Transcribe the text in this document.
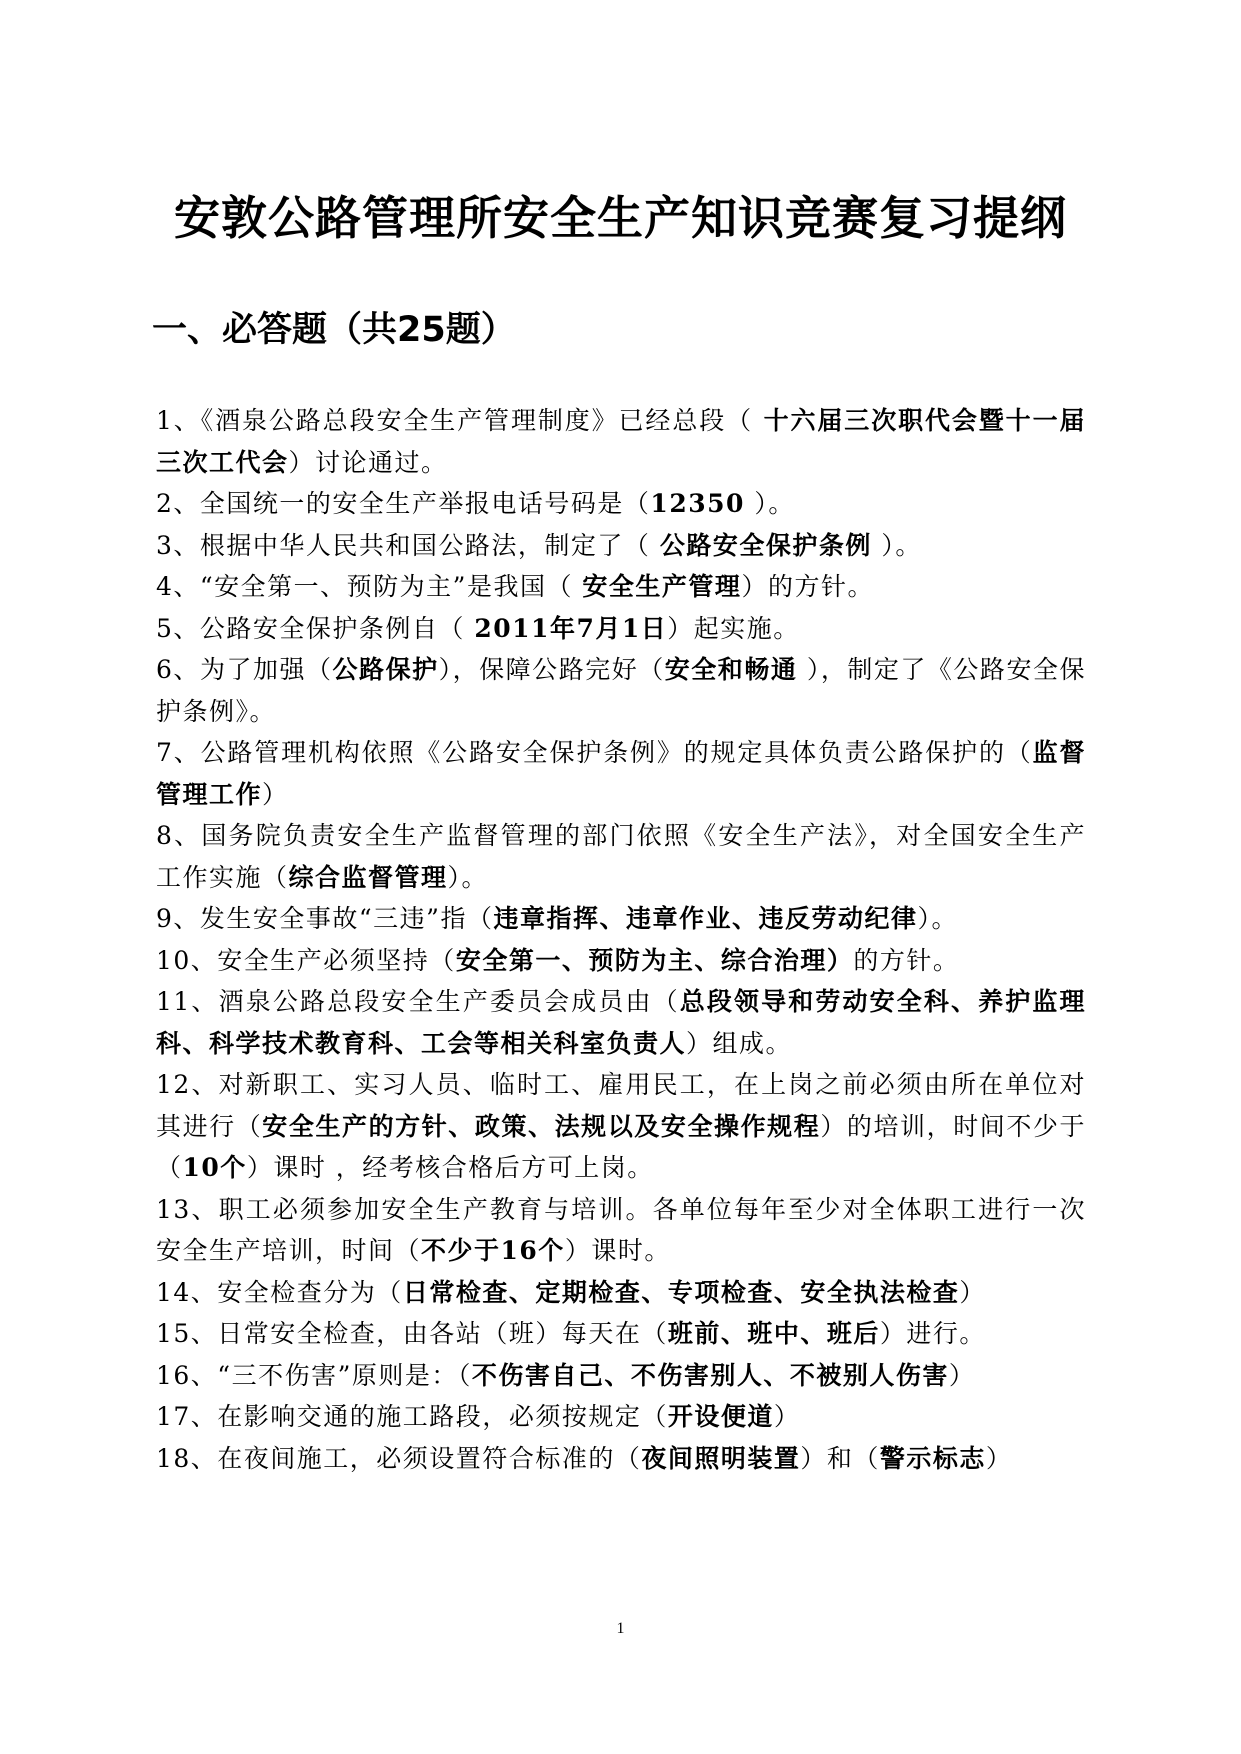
安敦公路管理所安全生产知识竞赛复习提纲
一、必答题（共25题）

1、《酒泉公路总段安全生产管理制度》已经总段（ 十六届三次职代会暨十一届三次工代会）讨论通过。

2、全国统一的安全生产举报电话号码是（12350 ）。

3、根据中华人民共和国公路法，制定了（ 公路安全保护条例 ）。

4、“安全第一、预防为主”是我国（ 安全生产管理）的方针。

5、公路安全保护条例自（ 2011年7月1日）起实施。

6、为了加强（公路保护），保障公路完好（安全和畅通 ），制定了《公路安全保护条例》。

7、公路管理机构依照《公路安全保护条例》的规定具体负责公路保护的（监督管理工作）

8、国务院负责安全生产监督管理的部门依照《安全生产法》，对全国安全生产工作实施（综合监督管理）。

9、发生安全事故“三违”指（违章指挥、违章作业、违反劳动纪律）。

10、安全生产必须坚持（安全第一、预防为主、综合治理）的方针。

11、酒泉公路总段安全生产委员会成员由（总段领导和劳动安全科、养护监理科、科学技术教育科、工会等相关科室负责人）组成。

12、对新职工、实习人员、临时工、雇用民工，在上岗之前必须由所在单位对其进行（安全生产的方针、政策、法规以及安全操作规程）的培训，时间不少于（10个）课时 ，经考核合格后方可上岗。

13、职工必须参加安全生产教育与培训。各单位每年至少对全体职工进行一次安全生产培训，时间（不少于16个）课时。

14、安全检查分为（日常检查、定期检查、专项检查、安全执法检查）

15、日常安全检查，由各站（班）每天在（班前、班中、班后）进行。

16、“三不伤害”原则是：（不伤害自己、不伤害别人、不被别人伤害）

17、在影响交通的施工路段，必须按规定（开设便道）

18、在夜间施工，必须设置符合标准的（夜间照明装置）和（警示标志）

1
